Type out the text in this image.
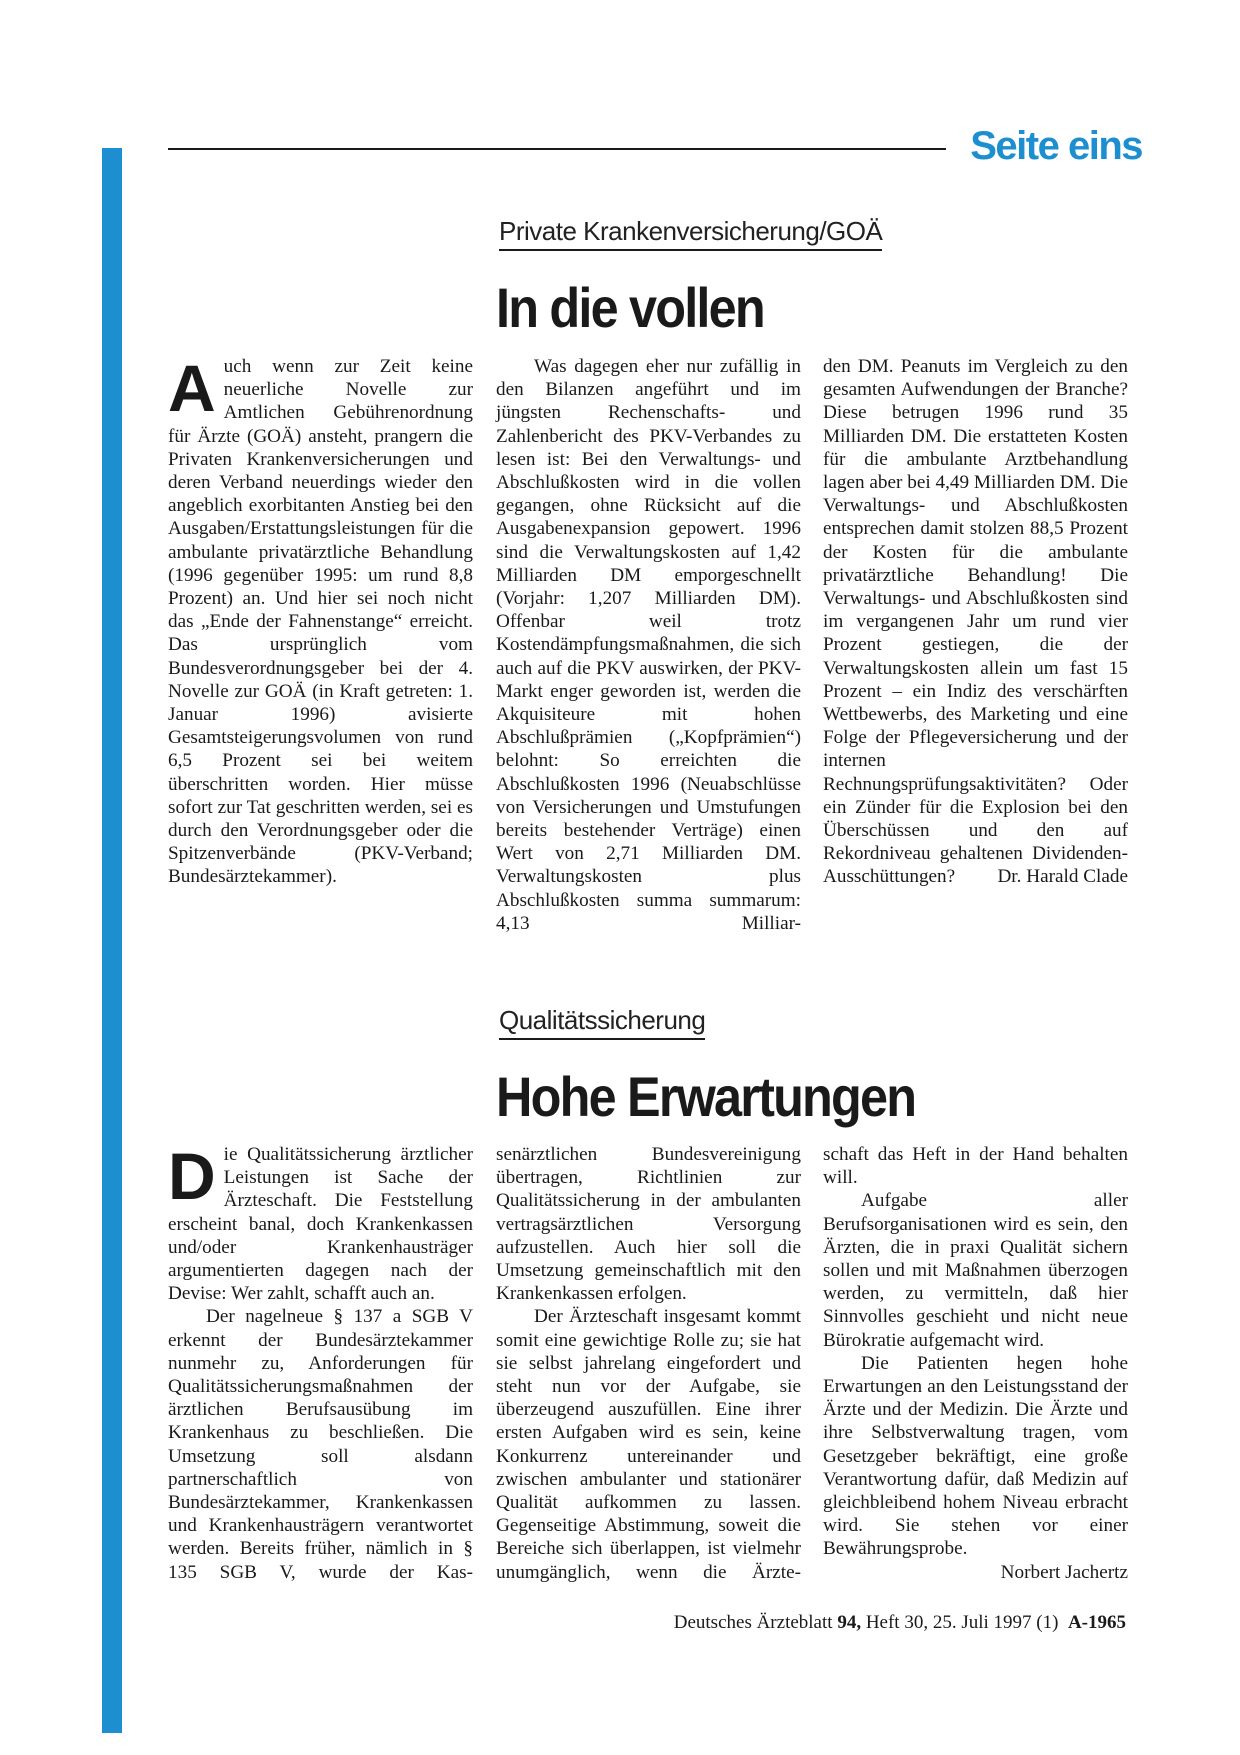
Seite eins
Private Krankenversicherung/GOÄ
In die vollen

Auch wenn zur Zeit keine neuerliche Novelle zur Amtlichen Gebührenordnung für Ärzte (GOÄ) ansteht, prangern die Privaten Krankenversicherungen und deren Verband neuerdings wieder den angeblich exorbitanten Anstieg bei den Ausgaben/Erstattungsleistungen für die ambulante privatärztliche Behandlung (1996 gegenüber 1995: um rund 8,8 Prozent) an. Und hier sei noch nicht das „Ende der Fahnenstange“ erreicht. Das ursprünglich vom Bundesverordnungsgeber bei der 4. Novelle zur GOÄ (in Kraft getreten: 1. Januar 1996) avisierte Gesamtsteigerungsvolumen von rund 6,5 Prozent sei bei weitem überschritten worden. Hier müsse sofort zur Tat geschritten werden, sei es durch den Verordnungsgeber oder die Spitzenverbände (PKV-Verband; Bundesärztekammer).

Was dagegen eher nur zufällig in den Bilanzen angeführt und im jüngsten Rechenschafts- und Zahlenbericht des PKV-Verbandes zu lesen ist: Bei den Verwaltungs- und Abschlußkosten wird in die vollen gegangen, ohne Rücksicht auf die Ausgabenexpansion gepowert. 1996 sind die Verwaltungskosten auf 1,42 Milliarden DM emporgeschnellt (Vorjahr: 1,207 Milliarden DM). Offenbar weil trotz Kostendämpfungsmaßnahmen, die sich auch auf die PKV auswirken, der PKV-Markt enger geworden ist, werden die Akquisiteure mit hohen Abschlußprämien („Kopfprämien“) belohnt: So erreichten die Abschlußkosten 1996 (Neuabschlüsse von Versicherungen und Umstufungen bereits bestehender Verträge) einen Wert von 2,71 Milliarden DM. Verwaltungskosten plus Abschlußkosten summa summarum: 4,13 Milliar-

den DM. Peanuts im Vergleich zu den gesamten Aufwendungen der Branche? Diese betrugen 1996 rund 35 Milliarden DM. Die erstatteten Kosten für die ambulante Arztbehandlung lagen aber bei 4,49 Milliarden DM. Die Verwaltungs- und Abschlußkosten entsprechen damit stolzen 88,5 Prozent der Kosten für die ambulante privatärztliche Behandlung! Die Verwaltungs- und Abschlußkosten sind im vergangenen Jahr um rund vier Prozent gestiegen, die der Verwaltungskosten allein um fast 15 Prozent – ein Indiz des verschärften Wettbewerbs, des Marketing und eine Folge der Pflegeversicherung und der internen Rechnungsprüfungsaktivitäten? Oder ein Zünder für die Explosion bei den Überschüssen und den auf Rekordniveau gehaltenen Dividenden-Ausschüttungen? Dr. Harald Clade

Qualitätssicherung
Hohe Erwartungen

Die Qualitätssicherung ärztlicher Leistungen ist Sache der Ärzteschaft. Die Feststellung erscheint banal, doch Krankenkassen und/oder Krankenhausträger argumentierten dagegen nach der Devise: Wer zahlt, schafft auch an.

Der nagelneue § 137 a SGB V erkennt der Bundesärztekammer nunmehr zu, Anforderungen für Qualitätssicherungsmaßnahmen der ärztlichen Berufsausübung im Krankenhaus zu beschließen. Die Umsetzung soll alsdann partnerschaftlich von Bundesärztekammer, Krankenkassen und Krankenhausträgern verantwortet werden. Bereits früher, nämlich in § 135 SGB V, wurde der Kas-

senärztlichen Bundesvereinigung übertragen, Richtlinien zur Qualitätssicherung in der ambulanten vertragsärztlichen Versorgung aufzustellen. Auch hier soll die Umsetzung gemeinschaftlich mit den Krankenkassen erfolgen.

Der Ärzteschaft insgesamt kommt somit eine gewichtige Rolle zu; sie hat sie selbst jahrelang eingefordert und steht nun vor der Aufgabe, sie überzeugend auszufüllen. Eine ihrer ersten Aufgaben wird es sein, keine Konkurrenz untereinander und zwischen ambulanter und stationärer Qualität aufkommen zu lassen. Gegenseitige Abstimmung, soweit die Bereiche sich überlappen, ist vielmehr unumgänglich, wenn die Ärzte-

schaft das Heft in der Hand behalten will.

Aufgabe aller Berufsorganisationen wird es sein, den Ärzten, die in praxi Qualität sichern sollen und mit Maßnahmen überzogen werden, zu vermitteln, daß hier Sinnvolles geschieht und nicht neue Bürokratie aufgemacht wird.

Die Patienten hegen hohe Erwartungen an den Leistungsstand der Ärzte und der Medizin. Die Ärzte und ihre Selbstverwaltung tragen, vom Gesetzgeber bekräftigt, eine große Verantwortung dafür, daß Medizin auf gleichbleibend hohem Niveau erbracht wird. Sie stehen vor einer Bewährungsprobe.
Norbert Jachertz

Deutsches Ärzteblatt 94, Heft 30, 25. Juli 1997 (1) A-1965
